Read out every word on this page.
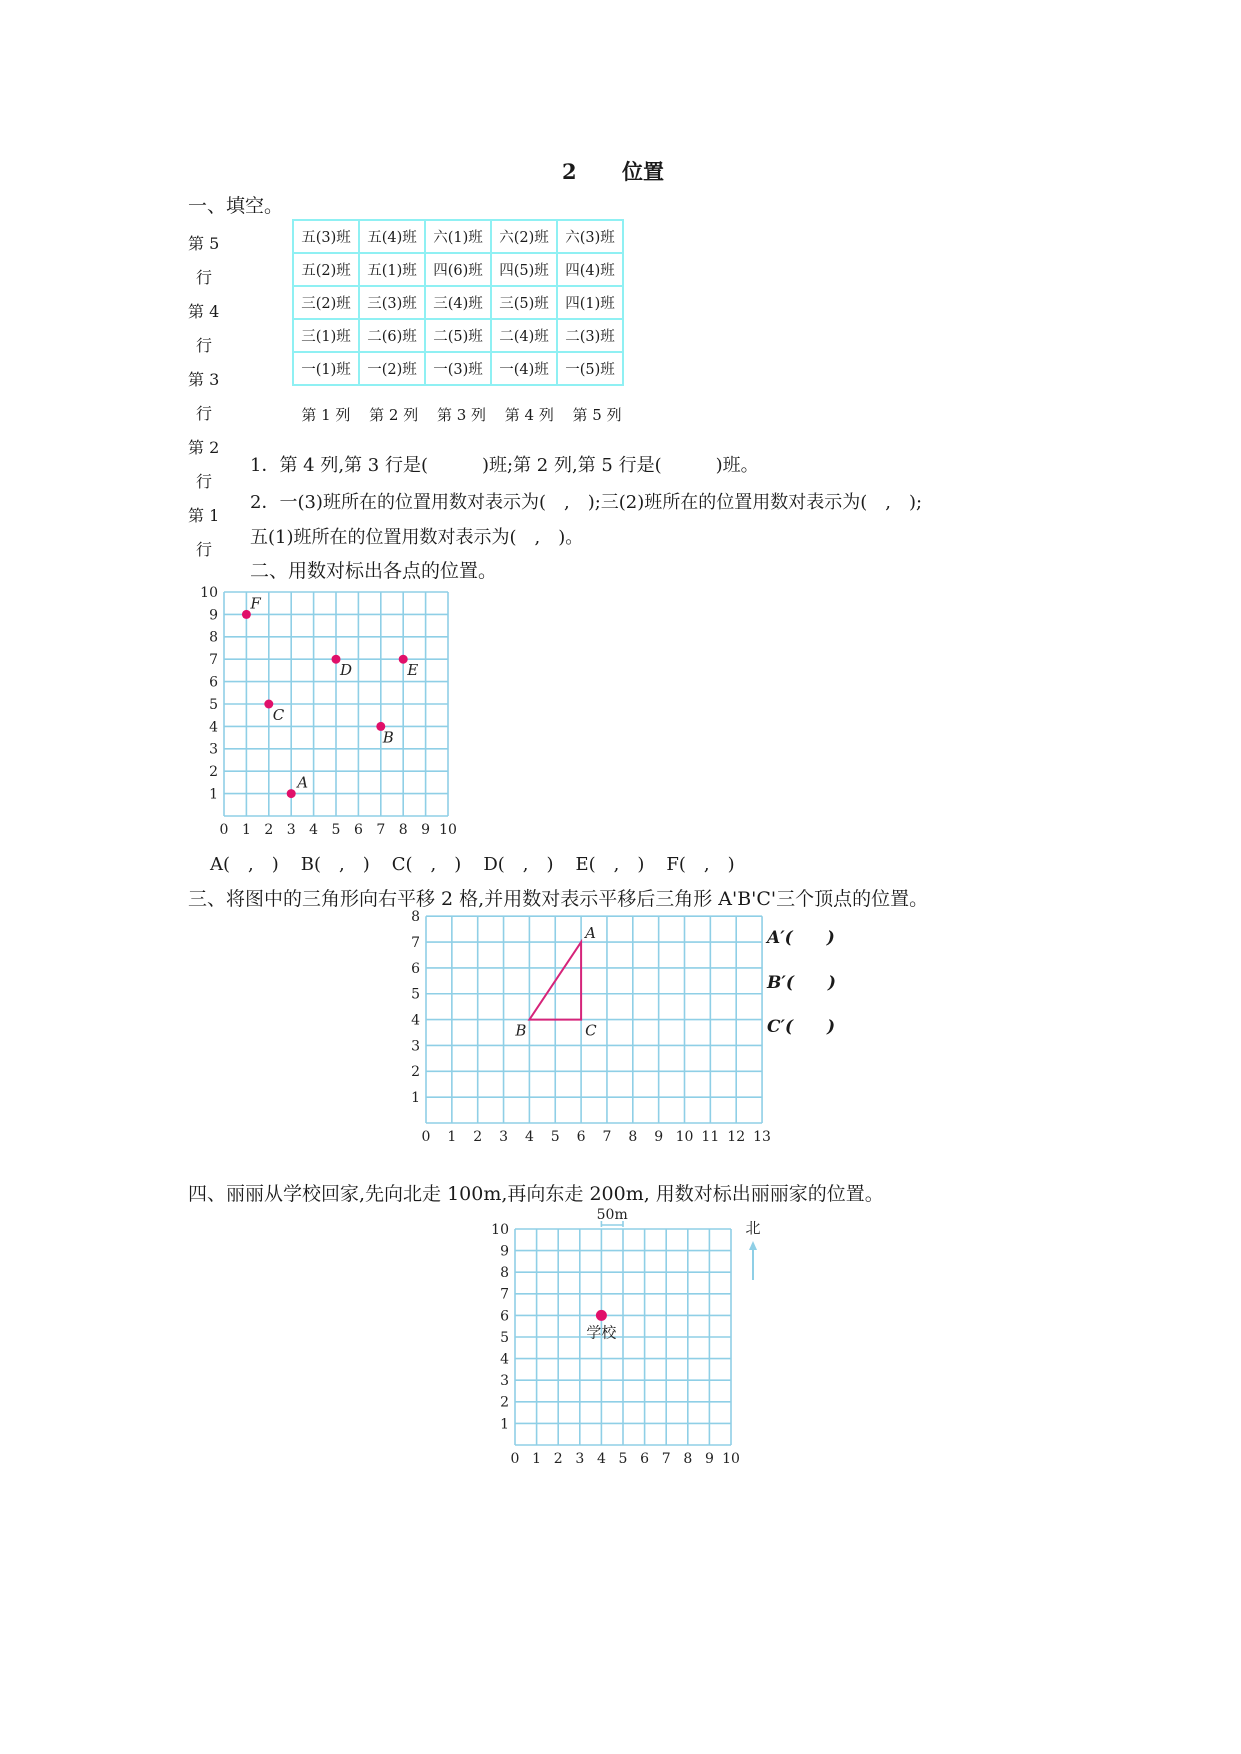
2 位置
一、填空。
第 5
行
第 4
行
第 3
行
第 2
行
第 1
行
五(3)班	五(4)班	六(1)班	六(2)班	六(3)班
五(2)班	五(1)班	四(6)班	四(5)班	四(4)班
三(2)班	三(3)班	三(4)班	三(5)班	四(1)班
三(1)班	二(6)班	二(5)班	二(4)班	二(3)班
一(1)班	一(2)班	一(3)班	一(4)班	一(5)班
第 1 列	第 2 列	第 3 列	第 4 列	第 5 列
1．第 4 列,第 3 行是(　　　)班;第 2 列,第 5 行是(　　　)班。
2．一(3)班所在的位置用数对表示为(　,　);三(2)班所在的位置用数对表示为(　,　);
五(1)班所在的位置用数对表示为(　,　)。
二、用数对标出各点的位置。
0 1 2 3 4 5 6 7 8 9 10
1
2
3
4
5
6
7
8
9
10
A
B
C
D	E
F
A(　,　) B(　,　) C(　,　) D(　,　) E(　,　) F(　,　)
三、将图中的三角形向右平移 2 格,并用数对表示平移后三角形 A'B'C'三个顶点的位置。
0 1 2 3 4 5 6 7 8 9 10 11 12 13
1
2
3
4
5
6
7
8
A
B	C
A′(　　)
B′(　　)
C′(　　)
四、丽丽从学校回家,先向北走 100m,再向东走 200m, 用数对标出丽丽家的位置。
0 1 2 3 4 5 6 7 8 9 10
1
2
3
4
5
6
7
8
9
10
学校
50m
北
